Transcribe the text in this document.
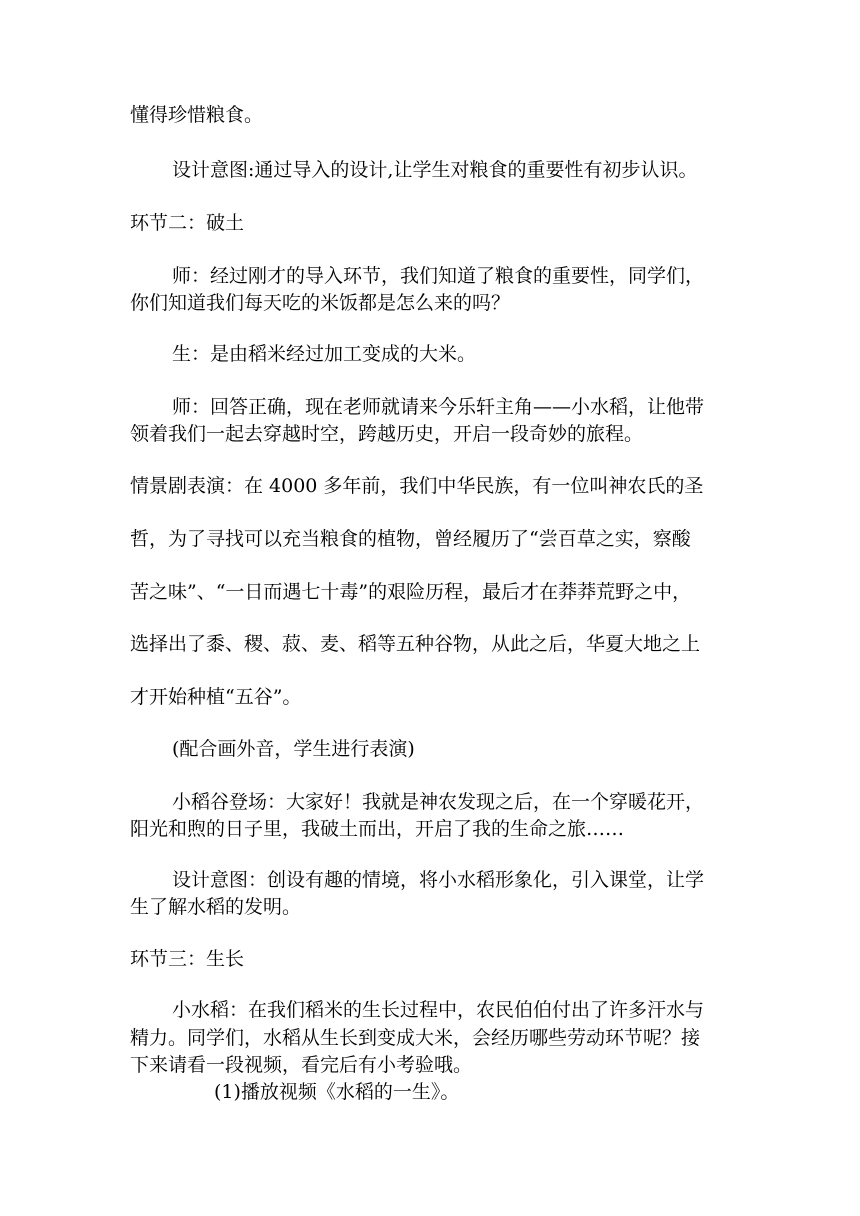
懂得珍惜粮食。

设计意图:通过导入的设计,让学生对粮食的重要性有初步认识。

环节二：破土

师：经过刚才的导入环节，我们知道了粮食的重要性，同学们，

你们知道我们每天吃的米饭都是怎么来的吗？

生：是由稻米经过加工变成的大米。

师：回答正确，现在老师就请来今乐轩主角——小水稻，让他带

领着我们一起去穿越时空，跨越历史，开启一段奇妙的旅程。

情景剧表演：在 4000 多年前，我们中华民族，有一位叫神农氏的圣

哲，为了寻找可以充当粮食的植物，曾经履历了“尝百草之实，察酸

苦之味”、“一日而遇七十毒”的艰险历程，最后才在莽莽荒野之中，

选择出了黍、稷、菽、麦、稻等五种谷物，从此之后，华夏大地之上

才开始种植“五谷”。

(配合画外音，学生进行表演)

小稻谷登场：大家好！我就是神农发现之后，在一个穿暖花开，

阳光和煦的日子里，我破土而出，开启了我的生命之旅……

设计意图：创设有趣的情境，将小水稻形象化，引入课堂，让学

生了解水稻的发明。

环节三：生长

小水稻：在我们稻米的生长过程中，农民伯伯付出了许多汗水与

精力。同学们，水稻从生长到变成大米，会经历哪些劳动环节呢？接

下来请看一段视频，看完后有小考验哦。

(1)播放视频《水稻的一生》。
